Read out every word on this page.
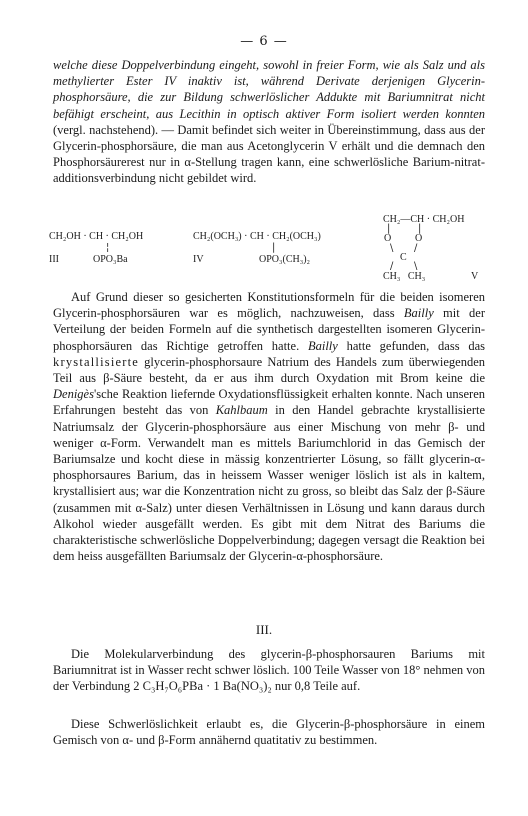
— 6 —

welche diese Doppelverbindung eingeht, sowohl in freier Form, wie als Salz und als methylierter Ester IV inaktiv ist, während Derivate derjenigen Glycerin-phosphorsäure, die zur Bildung schwerlöslicher Addukte mit Bariumnitrat nicht befähigt erscheint, aus Lecithin in optisch aktiver Form isoliert werden konnten (vergl. nachstehend). — Damit befindet sich weiter in Übereinstimmung, dass aus der Glycerin-phosphorsäure, die man aus Acetonglycerin V erhält und die demnach den Phosphorsäurerest nur in α-Stellung tragen kann, eine schwerlösliche Barium-nitrat-additionsverbindung nicht gebildet wird.

CH₂OH · CH · CH₂OH
¦
OPO₃Ba
III
CH₂(OCH₃) · CH · CH₂(OCH₃)
|
OPO₃(CH₃)₂
IV
CH₂—CH · CH₂OH
|	|
O O
\ /
C
/ \
CH₃   CH₃	V

Auf Grund dieser so gesicherten Konstitutionsformeln für die beiden isomeren Glycerin-phosphorsäuren war es möglich, nachzuweisen, dass Bailly mit der Verteilung der beiden Formeln auf die synthetisch dargestellten isomeren Glycerin-phosphorsäuren das Richtige getroffen hatte. Bailly hatte gefunden, dass das krystallisierte glycerin-phosphorsaure Natrium des Handels zum überwiegenden Teil aus β-Säure besteht, da er aus ihm durch Oxydation mit Brom keine die Denigès'sche Reaktion liefernde Oxydationsflüssigkeit erhalten konnte. Nach unseren Erfahrungen besteht das von Kahlbaum in den Handel gebrachte krystallisierte Natriumsalz der Glycerin-phosphorsäure aus einer Mischung von mehr β- und weniger α-Form. Verwandelt man es mittels Bariumchlorid in das Gemisch der Bariumsalze und kocht diese in mässig konzentrierter Lösung, so fällt glycerin-α-phosphorsaures Barium, das in heissem Wasser weniger löslich ist als in kaltem, krystallisiert aus; war die Konzentration nicht zu gross, so bleibt das Salz der β-Säure (zusammen mit α-Salz) unter diesen Verhältnissen in Lösung und kann daraus durch Alkohol wieder ausgefällt werden. Es gibt mit dem Nitrat des Bariums die charakteristische schwerlösliche Doppelverbindung; dagegen versagt die Reaktion bei dem heiss ausgefällten Bariumsalz der Glycerin-α-phosphorsäure.

III.

Die Molekularverbindung des glycerin-β-phosphorsauren Bariums mit Bariumnitrat ist in Wasser recht schwer löslich. 100 Teile Wasser von 18° nehmen von der Verbindung 2 C₃H₇O₆PBa · 1 Ba(NO₃)₂ nur 0,8 Teile auf.

Diese Schwerlöslichkeit erlaubt es, die Glycerin-β-phosphorsäure in einem Gemisch von α- und β-Form annähernd quatitativ zu bestimmen.
